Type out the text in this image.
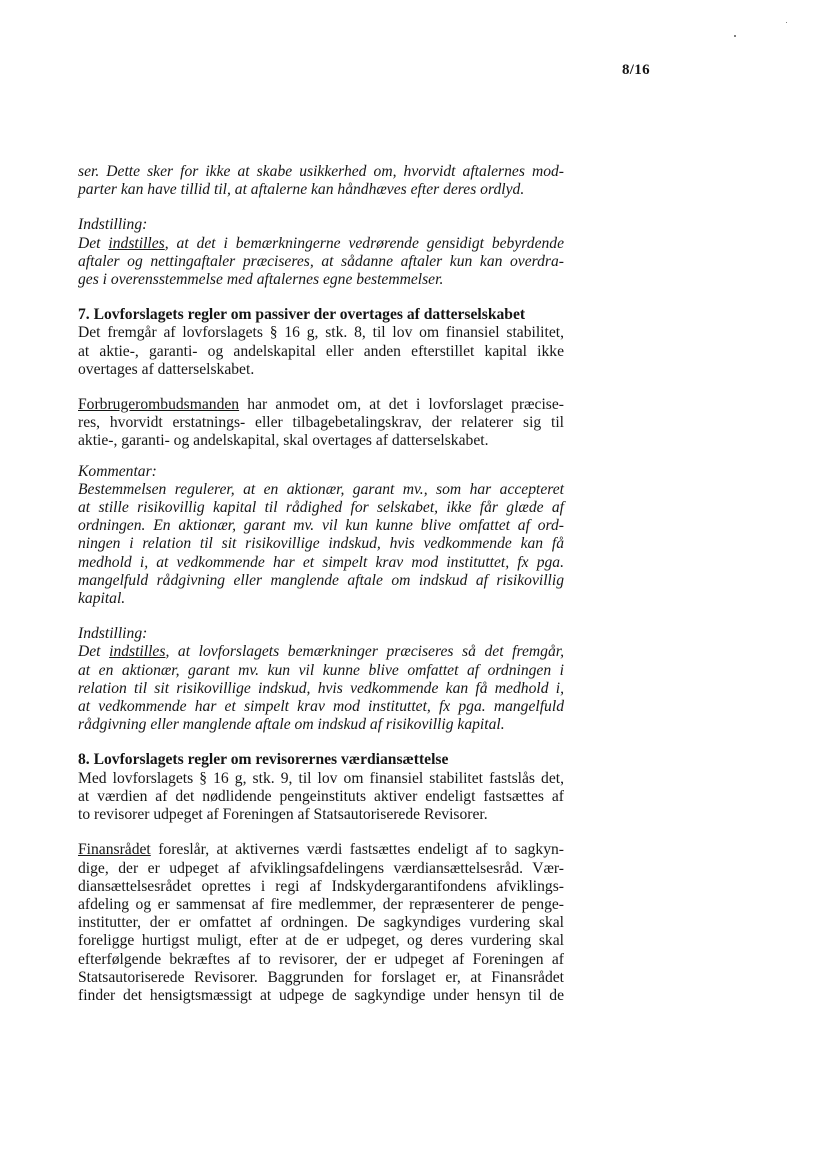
8/16
ser. Dette sker for ikke at skabe usikkerhed om, hvorvidt aftalernes mod-
parter kan have tillid til, at aftalerne kan håndhæves efter deres ordlyd.
Indstilling:
Det indstilles, at det i bemærkningerne vedrørende gensidigt bebyrdende
aftaler og nettingaftaler præciseres, at sådanne aftaler kun kan overdra-
ges i overensstemmelse med aftalernes egne bestemmelser.
7. Lovforslagets regler om passiver der overtages af datterselskabet
Det fremgår af lovforslagets § 16 g, stk. 8, til lov om finansiel stabilitet,
at aktie-, garanti- og andelskapital eller anden efterstillet kapital ikke
overtages af datterselskabet.
Forbrugerombudsmanden har anmodet om, at det i lovforslaget præcise-
res, hvorvidt erstatnings- eller tilbagebetalingskrav, der relaterer sig til
aktie-, garanti- og andelskapital, skal overtages af datterselskabet.
Kommentar:
Bestemmelsen regulerer, at en aktionær, garant mv., som har accepteret
at stille risikovillig kapital til rådighed for selskabet, ikke får glæde af
ordningen. En aktionær, garant mv. vil kun kunne blive omfattet af ord-
ningen i relation til sit risikovillige indskud, hvis vedkommende kan få
medhold i, at vedkommende har et simpelt krav mod instituttet, fx pga.
mangelfuld rådgivning eller manglende aftale om indskud af risikovillig
kapital.
Indstilling:
Det indstilles, at lovforslagets bemærkninger præciseres så det fremgår,
at en aktionær, garant mv. kun vil kunne blive omfattet af ordningen i
relation til sit risikovillige indskud, hvis vedkommende kan få medhold i,
at vedkommende har et simpelt krav mod instituttet, fx pga. mangelfuld
rådgivning eller manglende aftale om indskud af risikovillig kapital.
8. Lovforslagets regler om revisorernes værdiansættelse
Med lovforslagets § 16 g, stk. 9, til lov om finansiel stabilitet fastslås det,
at værdien af det nødlidende pengeinstituts aktiver endeligt fastsættes af
to revisorer udpeget af Foreningen af Statsautoriserede Revisorer.
Finansrådet foreslår, at aktivernes værdi fastsættes endeligt af to sagkyn-
dige, der er udpeget af afviklingsafdelingens værdiansættelsesråd. Vær-
diansættelsesrådet oprettes i regi af Indskydergarantifondens afviklings-
afdeling og er sammensat af fire medlemmer, der repræsenterer de penge-
institutter, der er omfattet af ordningen. De sagkyndiges vurdering skal
foreligge hurtigst muligt, efter at de er udpeget, og deres vurdering skal
efterfølgende bekræftes af to revisorer, der er udpeget af Foreningen af
Statsautoriserede Revisorer. Baggrunden for forslaget er, at Finansrådet
finder det hensigtsmæssigt at udpege de sagkyndige under hensyn til de
